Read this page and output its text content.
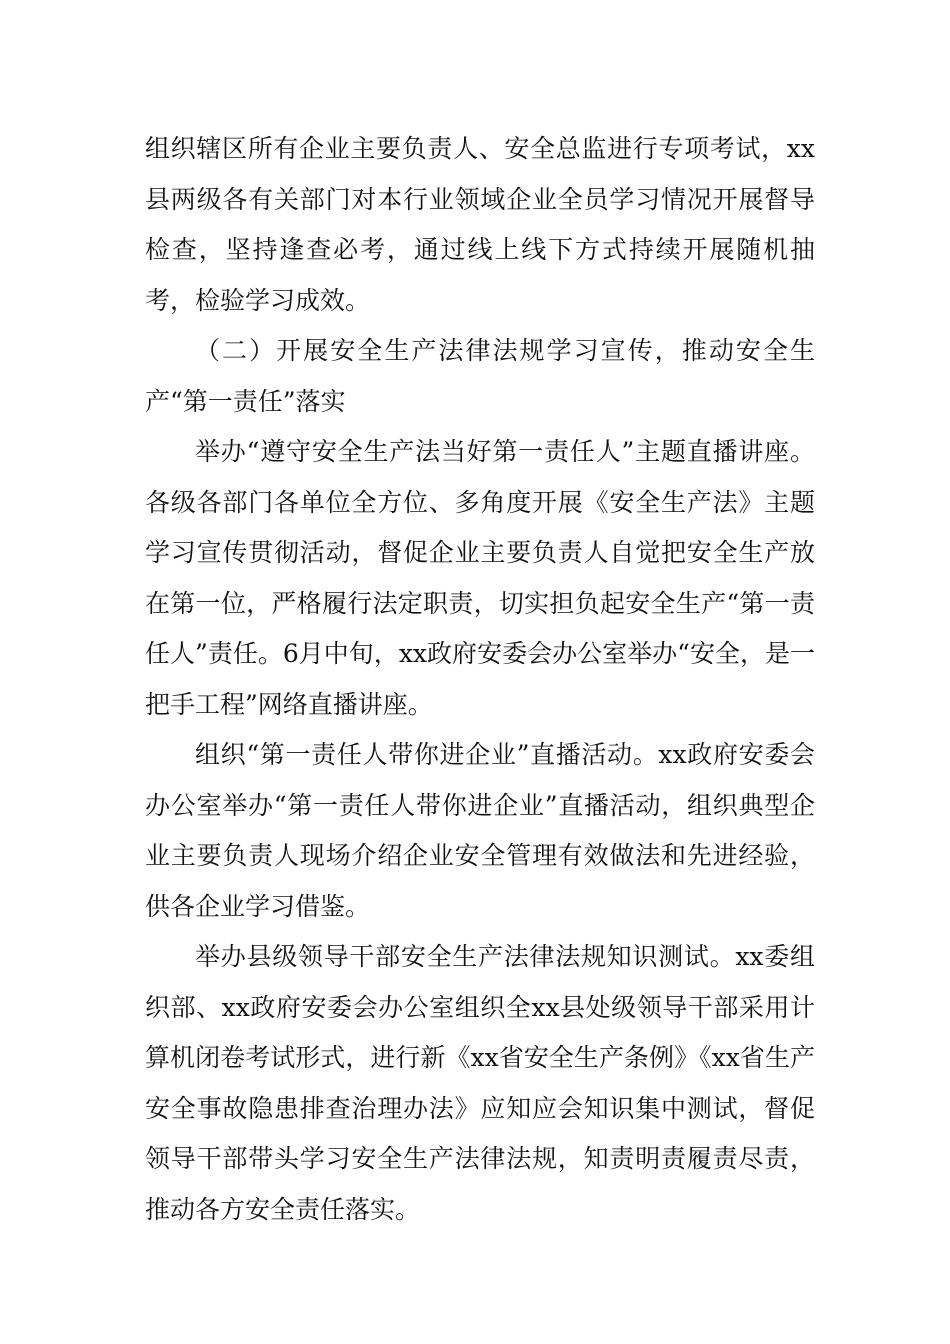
组织辖区所有企业主要负责人、安全总监进行专项考试，xx县两级各有关部门对本行业领域企业全员学习情况开展督导检查，坚持逢查必考，通过线上线下方式持续开展随机抽考，检验学习成效。

（二）开展安全生产法律法规学习宣传，推动安全生产“第一责任”落实

举办“遵守安全生产法当好第一责任人”主题直播讲座。各级各部门各单位全方位、多角度开展《安全生产法》主题学习宣传贯彻活动，督促企业主要负责人自觉把安全生产放在第一位，严格履行法定职责，切实担负起安全生产“第一责任人”责任。6月中旬，xx政府安委会办公室举办“安全，是一把手工程”网络直播讲座。

组织“第一责任人带你进企业”直播活动。xx政府安委会办公室举办“第一责任人带你进企业”直播活动，组织典型企业主要负责人现场介绍企业安全管理有效做法和先进经验，供各企业学习借鉴。

举办县级领导干部安全生产法律法规知识测试。xx委组织部、xx政府安委会办公室组织全xx县处级领导干部采用计算机闭卷考试形式，进行新《xx省安全生产条例》《xx省生产安全事故隐患排查治理办法》应知应会知识集中测试，督促领导干部带头学习安全生产法律法规，知责明责履责尽责，推动各方安全责任落实。
